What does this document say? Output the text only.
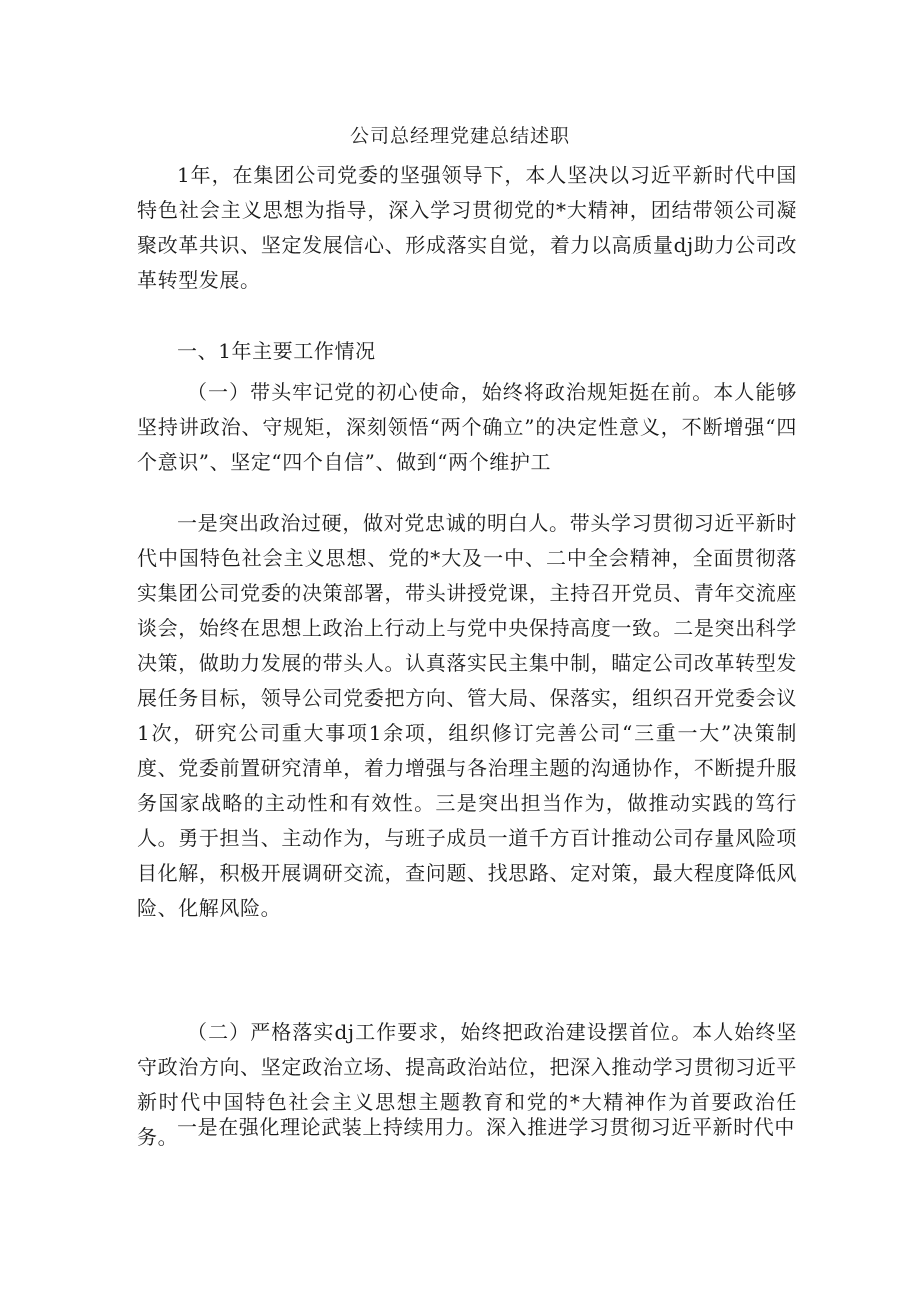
公司总经理党建总结述职

1年，在集团公司党委的坚强领导下，本人坚决以习近平新时代中国特色社会主义思想为指导，深入学习贯彻党的*大精神，团结带领公司凝聚改革共识、坚定发展信心、形成落实自觉，着力以高质量dj助力公司改革转型发展。

一、1年主要工作情况

（一）带头牢记党的初心使命，始终将政治规矩挺在前。本人能够坚持讲政治、守规矩，深刻领悟“两个确立”的决定性意义，不断增强“四个意识”、坚定“四个自信”、做到“两个维护工

一是突出政治过硬，做对党忠诚的明白人。带头学习贯彻习近平新时代中国特色社会主义思想、党的*大及一中、二中全会精神，全面贯彻落实集团公司党委的决策部署，带头讲授党课，主持召开党员、青年交流座谈会，始终在思想上政治上行动上与党中央保持高度一致。二是突出科学决策，做助力发展的带头人。认真落实民主集中制，瞄定公司改革转型发展任务目标，领导公司党委把方向、管大局、保落实，组织召开党委会议1次，研究公司重大事项1余项，组织修订完善公司“三重一大”决策制度、党委前置研究清单，着力增强与各治理主题的沟通协作，不断提升服务国家战略的主动性和有效性。三是突出担当作为，做推动实践的笃行人。勇于担当、主动作为，与班子成员一道千方百计推动公司存量风险项目化解，积极开展调研交流，查问题、找思路、定对策，最大程度降低风险、化解风险。

（二）严格落实dj工作要求，始终把政治建设摆首位。本人始终坚守政治方向、坚定政治立场、提高政治站位，把深入推动学习贯彻习近平新时代中国特色社会主义思想主题教育和党的*大精神作为首要政治任务。

一是在强化理论武装上持续用力。深入推进学习贯彻习近平新时代中
